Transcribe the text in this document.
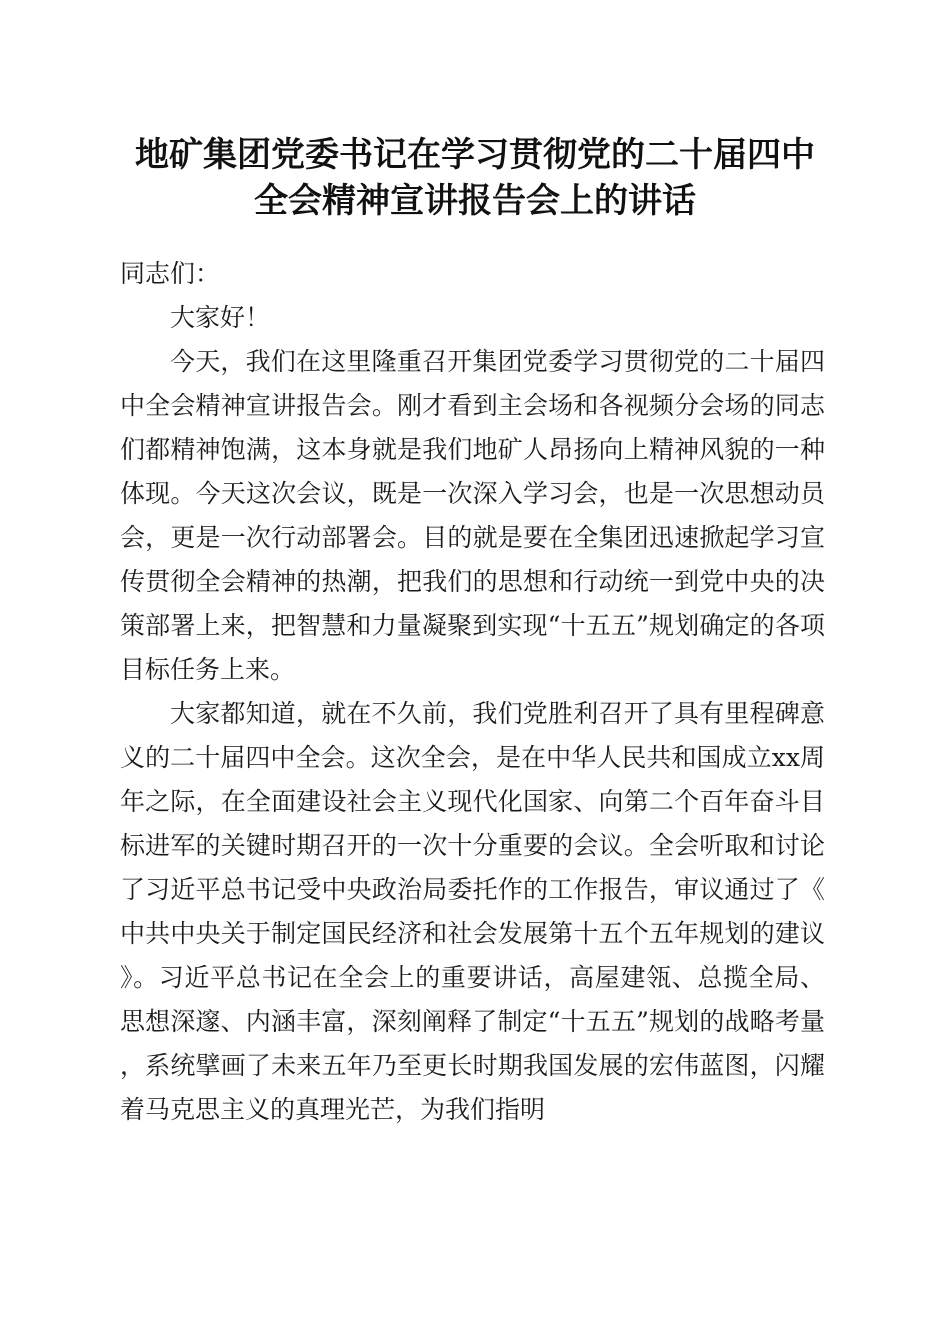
地矿集团党委书记在学习贯彻党的二十届四中
全会精神宣讲报告会上的讲话

同志们：

大家好！

今天，我们在这里隆重召开集团党委学习贯彻党的二十届四中全会精神宣讲报告会。刚才看到主会场和各视频分会场的同志们都精神饱满，这本身就是我们地矿人昂扬向上精神风貌的一种体现。今天这次会议，既是一次深入学习会，也是一次思想动员会，更是一次行动部署会。目的就是要在全集团迅速掀起学习宣传贯彻全会精神的热潮，把我们的思想和行动统一到党中央的决策部署上来，把智慧和力量凝聚到实现“十五五”规划确定的各项目标任务上来。

大家都知道，就在不久前，我们党胜利召开了具有里程碑意义的二十届四中全会。这次全会，是在中华人民共和国成立xx周年之际，在全面建设社会主义现代化国家、向第二个百年奋斗目标进军的关键时期召开的一次十分重要的会议。全会听取和讨论了习近平总书记受中央政治局委托作的工作报告，审议通过了《中共中央关于制定国民经济和社会发展第十五个五年规划的建议》。习近平总书记在全会上的重要讲话，高屋建瓴、总揽全局、思想深邃、内涵丰富，深刻阐释了制定“十五五”规划的战略考量，系统擘画了未来五年乃至更长时期我国发展的宏伟蓝图，闪耀着马克思主义的真理光芒，为我们指明
